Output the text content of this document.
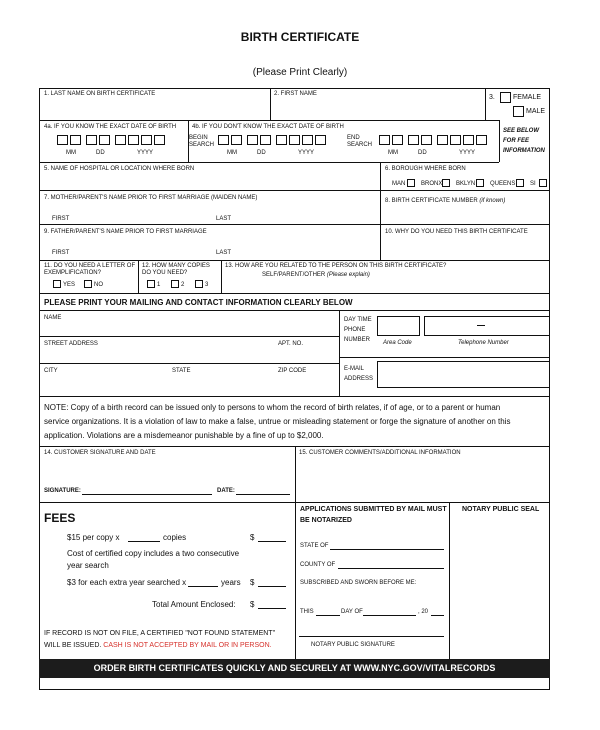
BIRTH CERTIFICATE
(Please Print Clearly)
1. LAST NAME ON BIRTH CERTIFICATE	2. FIRST NAME	3.	FEMALE
MALE
4a. IF YOU KNOW THE EXACT DATE OF BIRTH	4b. IF YOU DON'T KNOW THE EXACT DATE OF BIRTH
MM	DD	YYYY
BEGIN SEARCH
MM	DD	YYYY
END SEARCH
MM	DD	YYYY
SEE BELOW FOR FEE INFORMATION
5. NAME OF HOSPITAL OR LOCATION WHERE BORN	6. BOROUGH WHERE BORN
MAN	BRONX BKLYN QUEENS SI
7. MOTHER/PARENT'S NAME PRIOR TO FIRST MARRIAGE (MAIDEN NAME)
FIRST	LAST
8. BIRTH CERTIFICATE NUMBER (if known)
9. FATHER/PARENT'S NAME PRIOR TO FIRST MARRIAGE
FIRST	LAST
10. WHY DO YOU NEED THIS BIRTH CERTIFICATE
11. DO YOU NEED A LETTER OF EXEMPLIFICATION?
YES	NO
12. HOW MANY COPIES DO YOU NEED?
1	2	3
13. HOW ARE YOU RELATED TO THE PERSON ON THIS BIRTH CERTIFICATE?
SELF/PARENT/OTHER (Please explain)
PLEASE PRINT YOUR MAILING AND CONTACT INFORMATION CLEARLY BELOW
NAME
STREET ADDRESS	APT. NO.
CITY	STATE	ZIP CODE
DAY TIME
PHONE
NUMBER Area Code	Telephone Number
E-MAIL
ADDRESS
NOTE: Copy of a birth record can be issued only to persons to whom the record of birth relates, if of age, or to a parent or human
service organizations. It is a violation of law to make a false, untrue or misleading statement or forge the signature of another on this
application. Violations are a misdemeanor punishable by a fine of up to $2,000.
14. CUSTOMER SIGNATURE AND DATE
SIGNATURE:	DATE:
15. CUSTOMER COMMENTS/ADDITIONAL INFORMATION
FEES
$15 per copy x	copies	$
Cost of certified copy includes a two consecutive
year search
$3 for each extra year searched x	years $
Total Amount Enclosed: $
IF RECORD IS NOT ON FILE, A CERTIFIED "NOT FOUND STATEMENT"
WILL BE ISSUED. CASH IS NOT ACCEPTED BY MAIL OR IN PERSON.
APPLICATIONS SUBMITTED BY MAIL MUST
BE NOTARIZED
STATE OF
COUNTY OF
SUBSCRIBED AND SWORN BEFORE ME:
THIS	DAY OF	, 20
NOTARY PUBLIC SIGNATURE
NOTARY PUBLIC SEAL
ORDER BIRTH CERTIFICATES QUICKLY AND SECURELY AT WWW.NYC.GOV/VITALRECORDS
